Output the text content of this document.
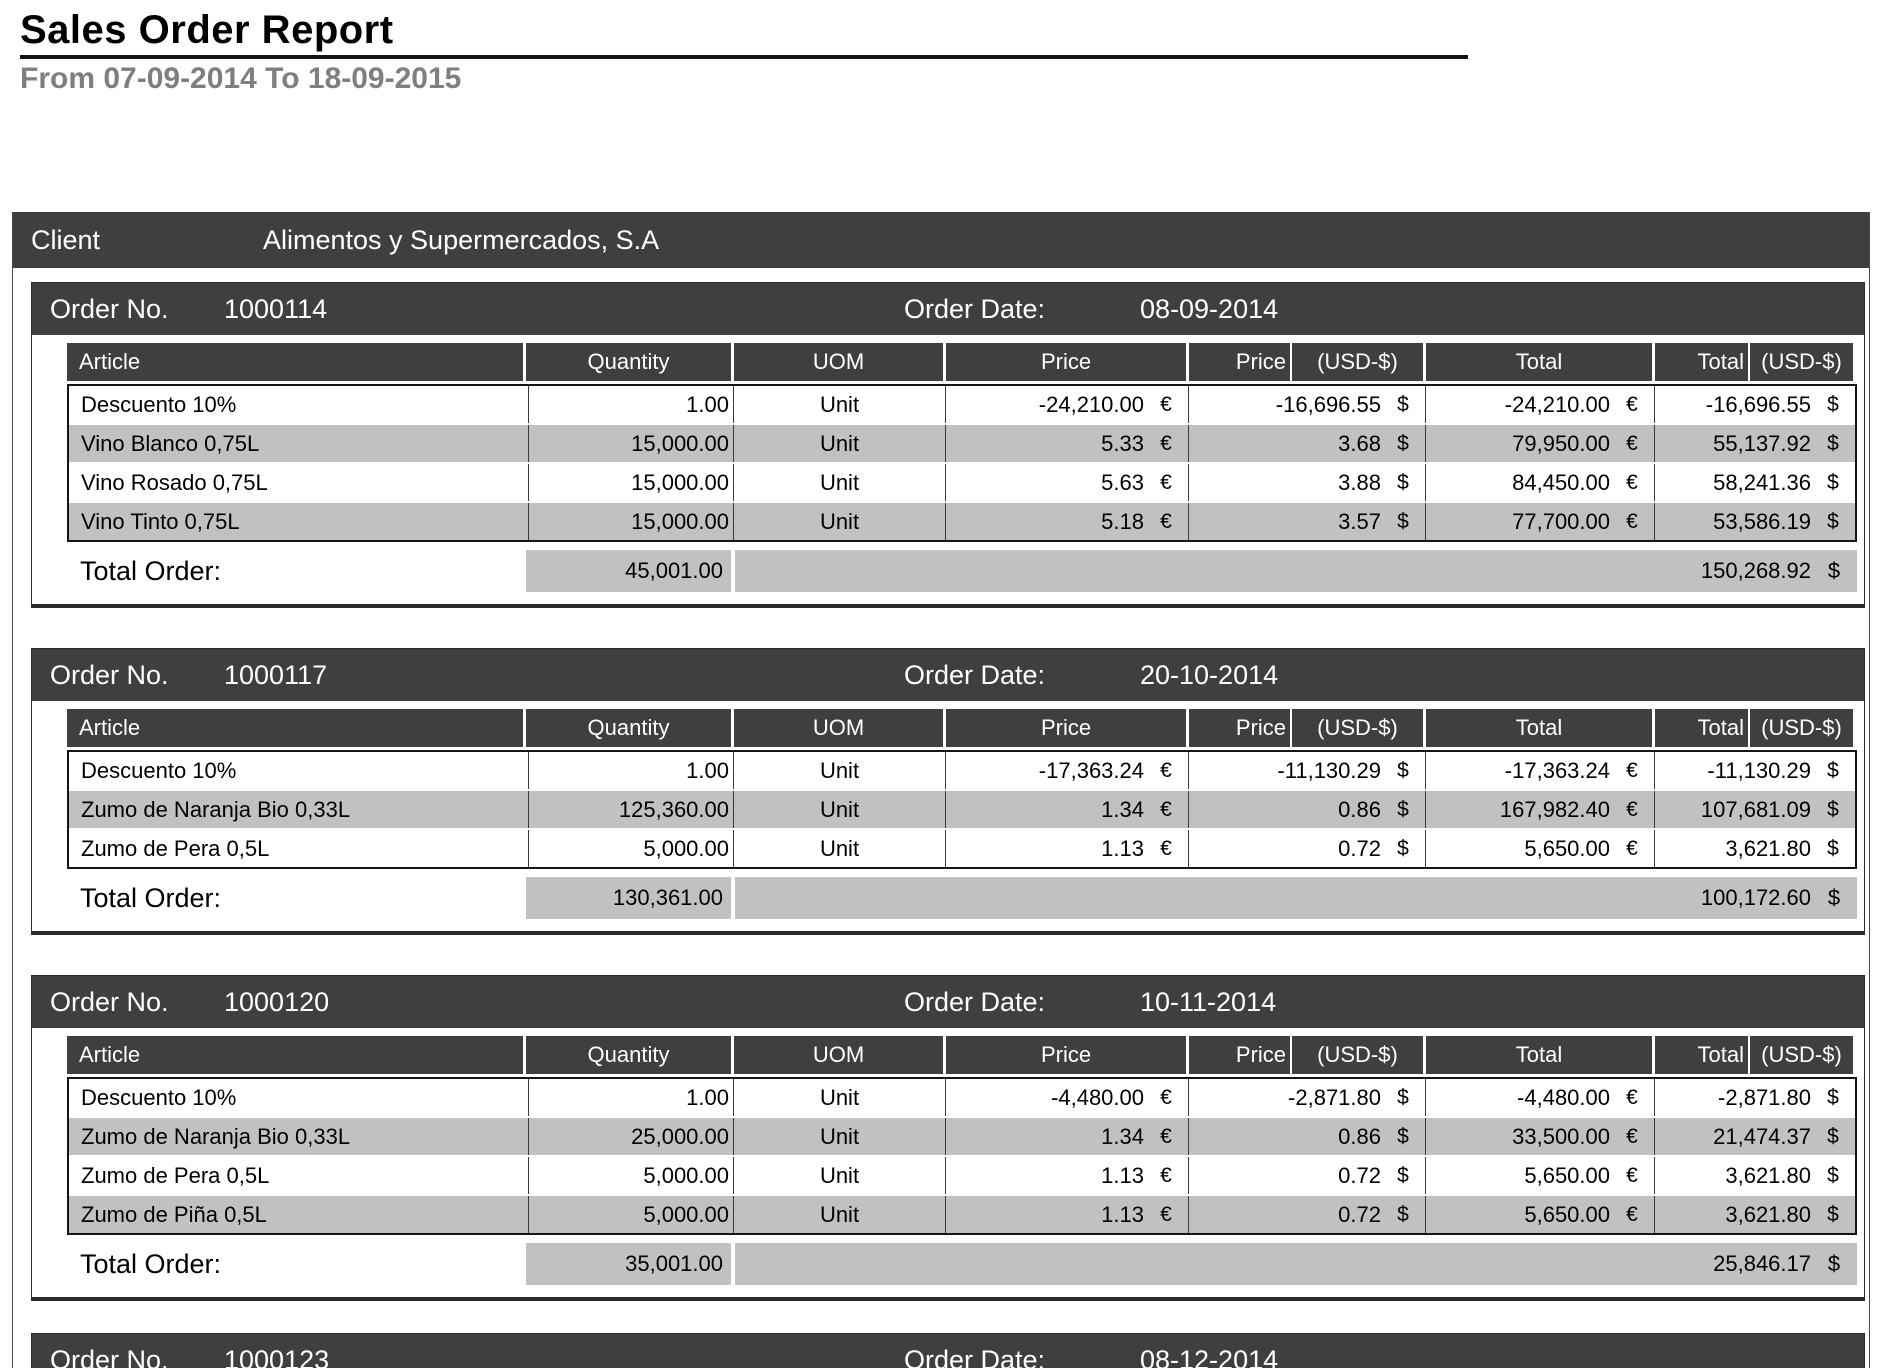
Sales Order Report
From 07-09-2014 To 18-09-2015
Client	Alimentos y Supermercados, S.A
Order No. 1000114	Order Date:	08-09-2014
Article	Quantity	UOM	Price	Price	(USD-$)	Total	Total (USD-$)
Descuento 10%	1.00	Unit	-24,210.00 €	-16,696.55 $	-24,210.00 €	-16,696.55 $
Vino Blanco 0,75L	15,000.00	Unit	5.33 €	3.68 $	79,950.00 €	55,137.92 $
Vino Rosado 0,75L	15,000.00	Unit	5.63 €	3.88 $	84,450.00 €	58,241.36 $
Vino Tinto 0,75L	15,000.00	Unit	5.18 €	3.57 $	77,700.00 €	53,586.19 $
Total Order:	45,001.00	150,268.92 $
Order No. 1000117	Order Date:	20-10-2014
Article	Quantity	UOM	Price	Price	(USD-$)	Total	Total (USD-$)
Descuento 10%	1.00	Unit	-17,363.24 €	-11,130.29 $	-17,363.24 €	-11,130.29 $
Zumo de Naranja Bio 0,33L	125,360.00	Unit	1.34 €	0.86 $	167,982.40 €	107,681.09 $
Zumo de Pera 0,5L	5,000.00	Unit	1.13 €	0.72 $	5,650.00 €	3,621.80 $
Total Order:	130,361.00	100,172.60 $
Order No. 1000120	Order Date:	10-11-2014
Article	Quantity	UOM	Price	Price	(USD-$)	Total	Total (USD-$)
Descuento 10%	1.00	Unit	-4,480.00 €	-2,871.80 $	-4,480.00 €	-2,871.80 $
Zumo de Naranja Bio 0,33L	25,000.00	Unit	1.34 €	0.86 $	33,500.00 €	21,474.37 $
Zumo de Pera 0,5L	5,000.00	Unit	1.13 €	0.72 $	5,650.00 €	3,621.80 $
Zumo de Piña 0,5L	5,000.00	Unit	1.13 €	0.72 $	5,650.00 €	3,621.80 $
Total Order:	35,001.00	25,846.17 $
Order No. 1000123	Order Date:	08-12-2014
